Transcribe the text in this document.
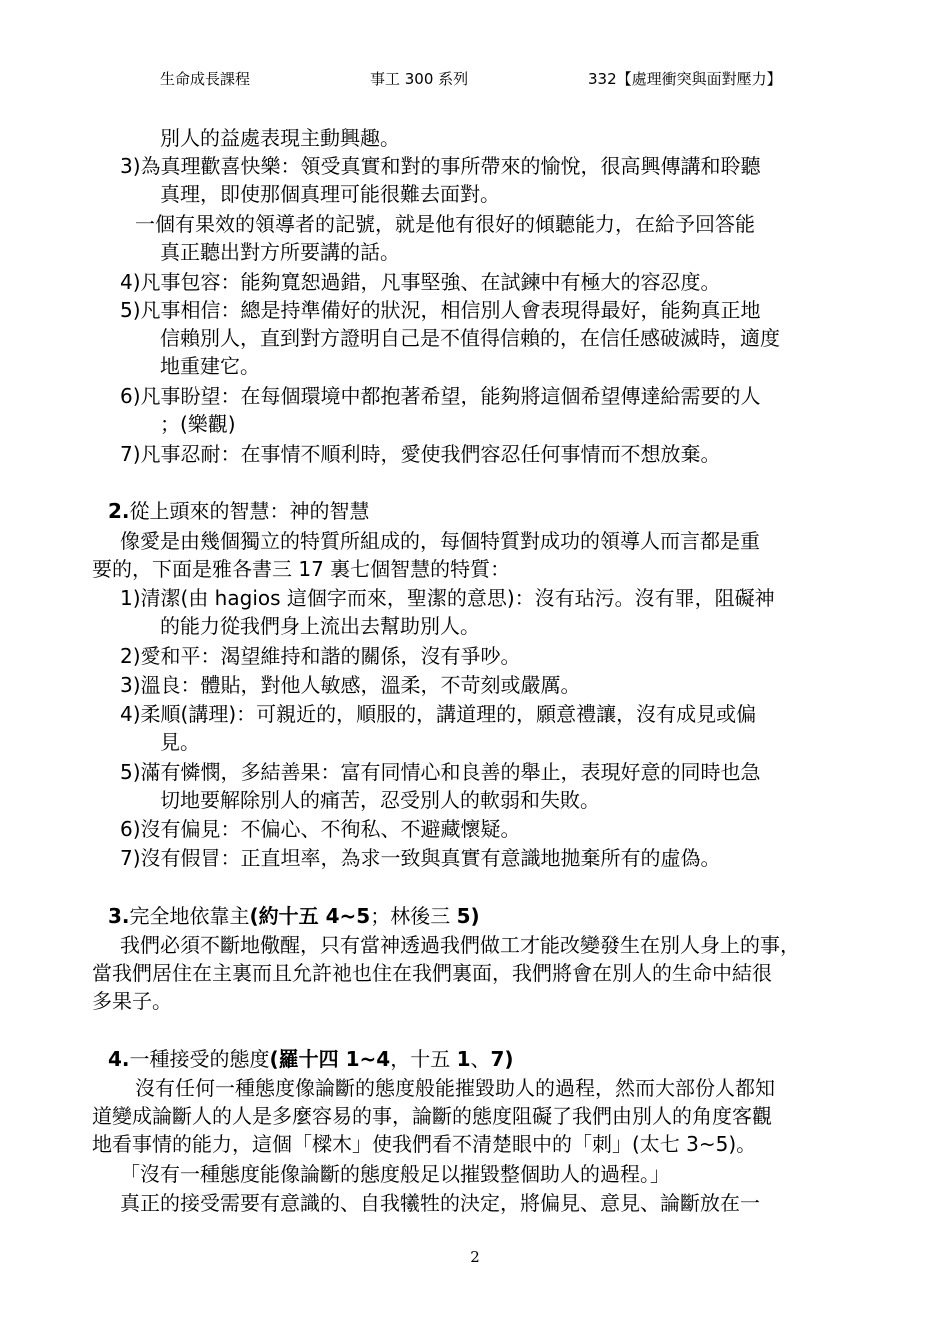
生命成長課程	事工 300 系列	332【處理衝突與面對壓力】
別人的益處表現主動興趣。
3)為真理歡喜快樂：領受真實和對的事所帶來的愉悅，很高興傳講和聆聽
真理，即使那個真理可能很難去面對。
一個有果效的領導者的記號，就是他有很好的傾聽能力，在給予回答能
真正聽出對方所要講的話。
4)凡事包容：能夠寬恕過錯，凡事堅強、在試鍊中有極大的容忍度。
5)凡事相信：總是持準備好的狀況，相信別人會表現得最好，能夠真正地
信賴別人，直到對方證明自己是不值得信賴的，在信任感破滅時，適度
地重建它。
6)凡事盼望：在每個環境中都抱著希望，能夠將這個希望傳達給需要的人
；(樂觀)
7)凡事忍耐：在事情不順利時，愛使我們容忍任何事情而不想放棄。
2.從上頭來的智慧：神的智慧
像愛是由幾個獨立的特質所組成的，每個特質對成功的領導人而言都是重
要的，下面是雅各書三 17 裏七個智慧的特質：
1)清潔(由 hagios 這個字而來，聖潔的意思)：沒有玷污。沒有罪，阻礙神
的能力從我們身上流出去幫助別人。
2)愛和平：渴望維持和諧的關係，沒有爭吵。
3)溫良：體貼，對他人敏感，溫柔，不苛刻或嚴厲。
4)柔順(講理)：可親近的，順服的，講道理的，願意禮讓，沒有成見或偏
見。
5)滿有憐憫，多結善果：富有同情心和良善的舉止，表現好意的同時也急
切地要解除別人的痛苦，忍受別人的軟弱和失敗。
6)沒有偏見：不偏心、不徇私、不避藏懷疑。
7)沒有假冒：正直坦率，為求一致與真實有意識地拋棄所有的虛偽。
3.完全地依靠主(約十五 4~5；林後三 5)
我們必須不斷地儆醒，只有當神透過我們做工才能改變發生在別人身上的事，
當我們居住在主裏而且允許祂也住在我們裏面，我們將會在別人的生命中結很
多果子。
4.一種接受的態度(羅十四 1~4，十五 1、7)
沒有任何一種態度像論斷的態度般能摧毀助人的過程，然而大部份人都知
道變成論斷人的人是多麼容易的事，論斷的態度阻礙了我們由別人的角度客觀
地看事情的能力，這個「樑木」使我們看不清楚眼中的「刺」(太七 3~5)。
「沒有一種態度能像論斷的態度般足以摧毀整個助人的過程。」
真正的接受需要有意識的、自我犧牲的決定，將偏見、意見、論斷放在一
2
